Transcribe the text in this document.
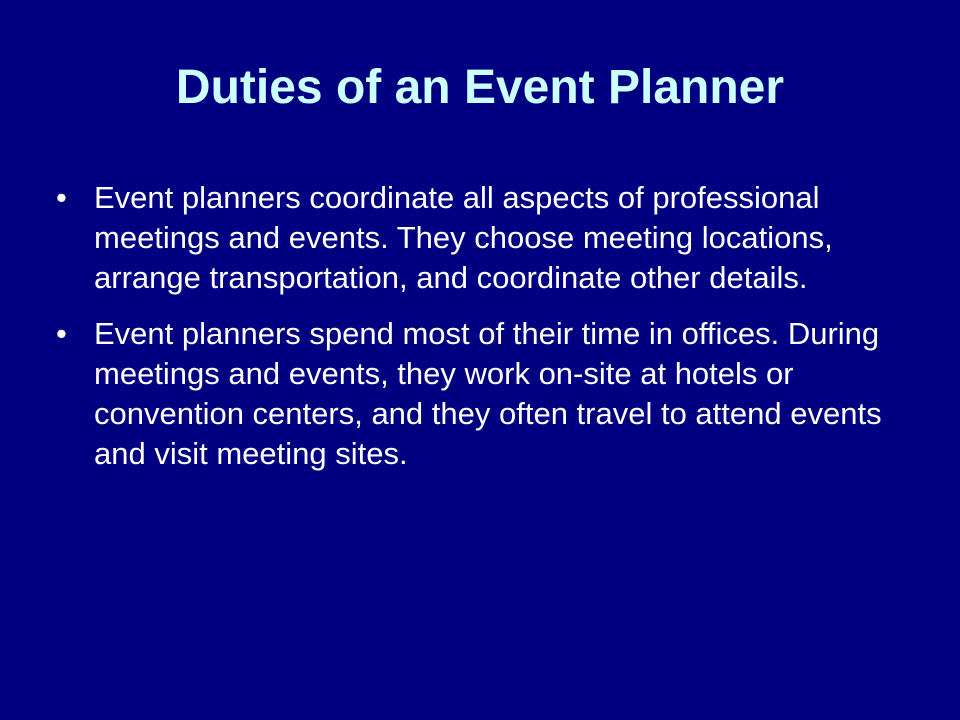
Duties of an Event Planner
• Event planners coordinate all aspects of professional meetings and events. They choose meeting locations, arrange transportation, and coordinate other details.
• Event planners spend most of their time in offices. During meetings and events, they work on-site at hotels or convention centers, and they often travel to attend events and visit meeting sites.
